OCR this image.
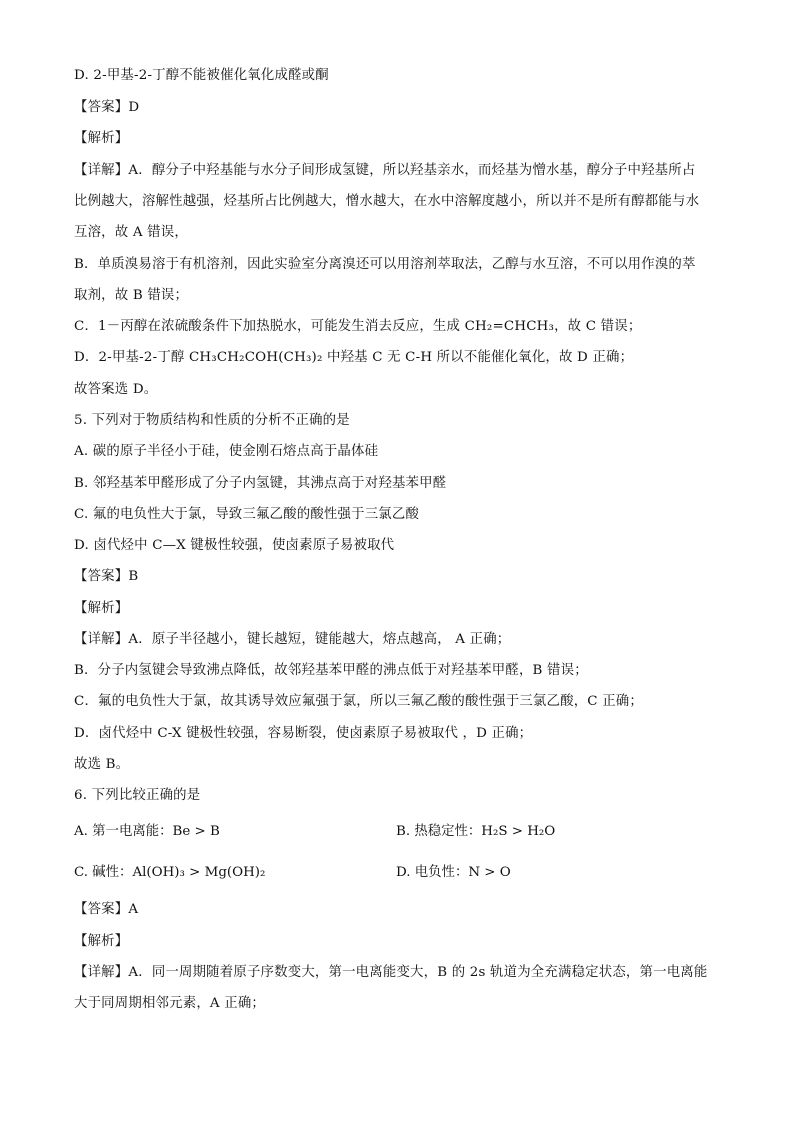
D. 2-甲基-2-丁醇不能被催化氧化成醛或酮
【答案】D
【解析】
【详解】A．醇分子中羟基能与水分子间形成氢键，所以羟基亲水，而烃基为憎水基，醇分子中羟基所占
比例越大，溶解性越强，烃基所占比例越大，憎水越大，在水中溶解度越小，所以并不是所有醇都能与水
互溶，故 A 错误，
B．单质溴易溶于有机溶剂，因此实验室分离溴还可以用溶剂萃取法，乙醇与水互溶，不可以用作溴的萃
取剂，故 B 错误；
C．1－丙醇在浓硫酸条件下加热脱水，可能发生消去反应，生成 CH₂=CHCH₃，故 C 错误；
D．2-甲基-2-丁醇 CH₃CH₂COH(CH₃)₂ 中羟基 C 无 C-H 所以不能催化氧化，故 D 正确；
故答案选 D。
5. 下列对于物质结构和性质的分析不正确的是
A. 碳的原子半径小于硅，使金刚石熔点高于晶体硅
B. 邻羟基苯甲醛形成了分子内氢键，其沸点高于对羟基苯甲醛
C. 氟的电负性大于氯，导致三氟乙酸的酸性强于三氯乙酸
D. 卤代烃中 C—X 键极性较强，使卤素原子易被取代
【答案】B
【解析】
【详解】A．原子半径越小，键长越短，键能越大，熔点越高， A 正确；
B．分子内氢键会导致沸点降低，故邻羟基苯甲醛的沸点低于对羟基苯甲醛，B 错误；
C．氟的电负性大于氯，故其诱导效应氟强于氯，所以三氟乙酸的酸性强于三氯乙酸，C 正确；
D．卤代烃中 C-X 键极性较强，容易断裂，使卤素原子易被取代 ，D 正确；
故选 B。
6. 下列比较正确的是
A. 第一电离能：Be > B	B. 热稳定性：H₂S > H₂O
C. 碱性：Al(OH)₃ > Mg(OH)₂	D. 电负性：N > O
【答案】A
【解析】
【详解】A．同一周期随着原子序数变大，第一电离能变大，B 的 2s 轨道为全充满稳定状态，第一电离能
大于同周期相邻元素，A 正确；
